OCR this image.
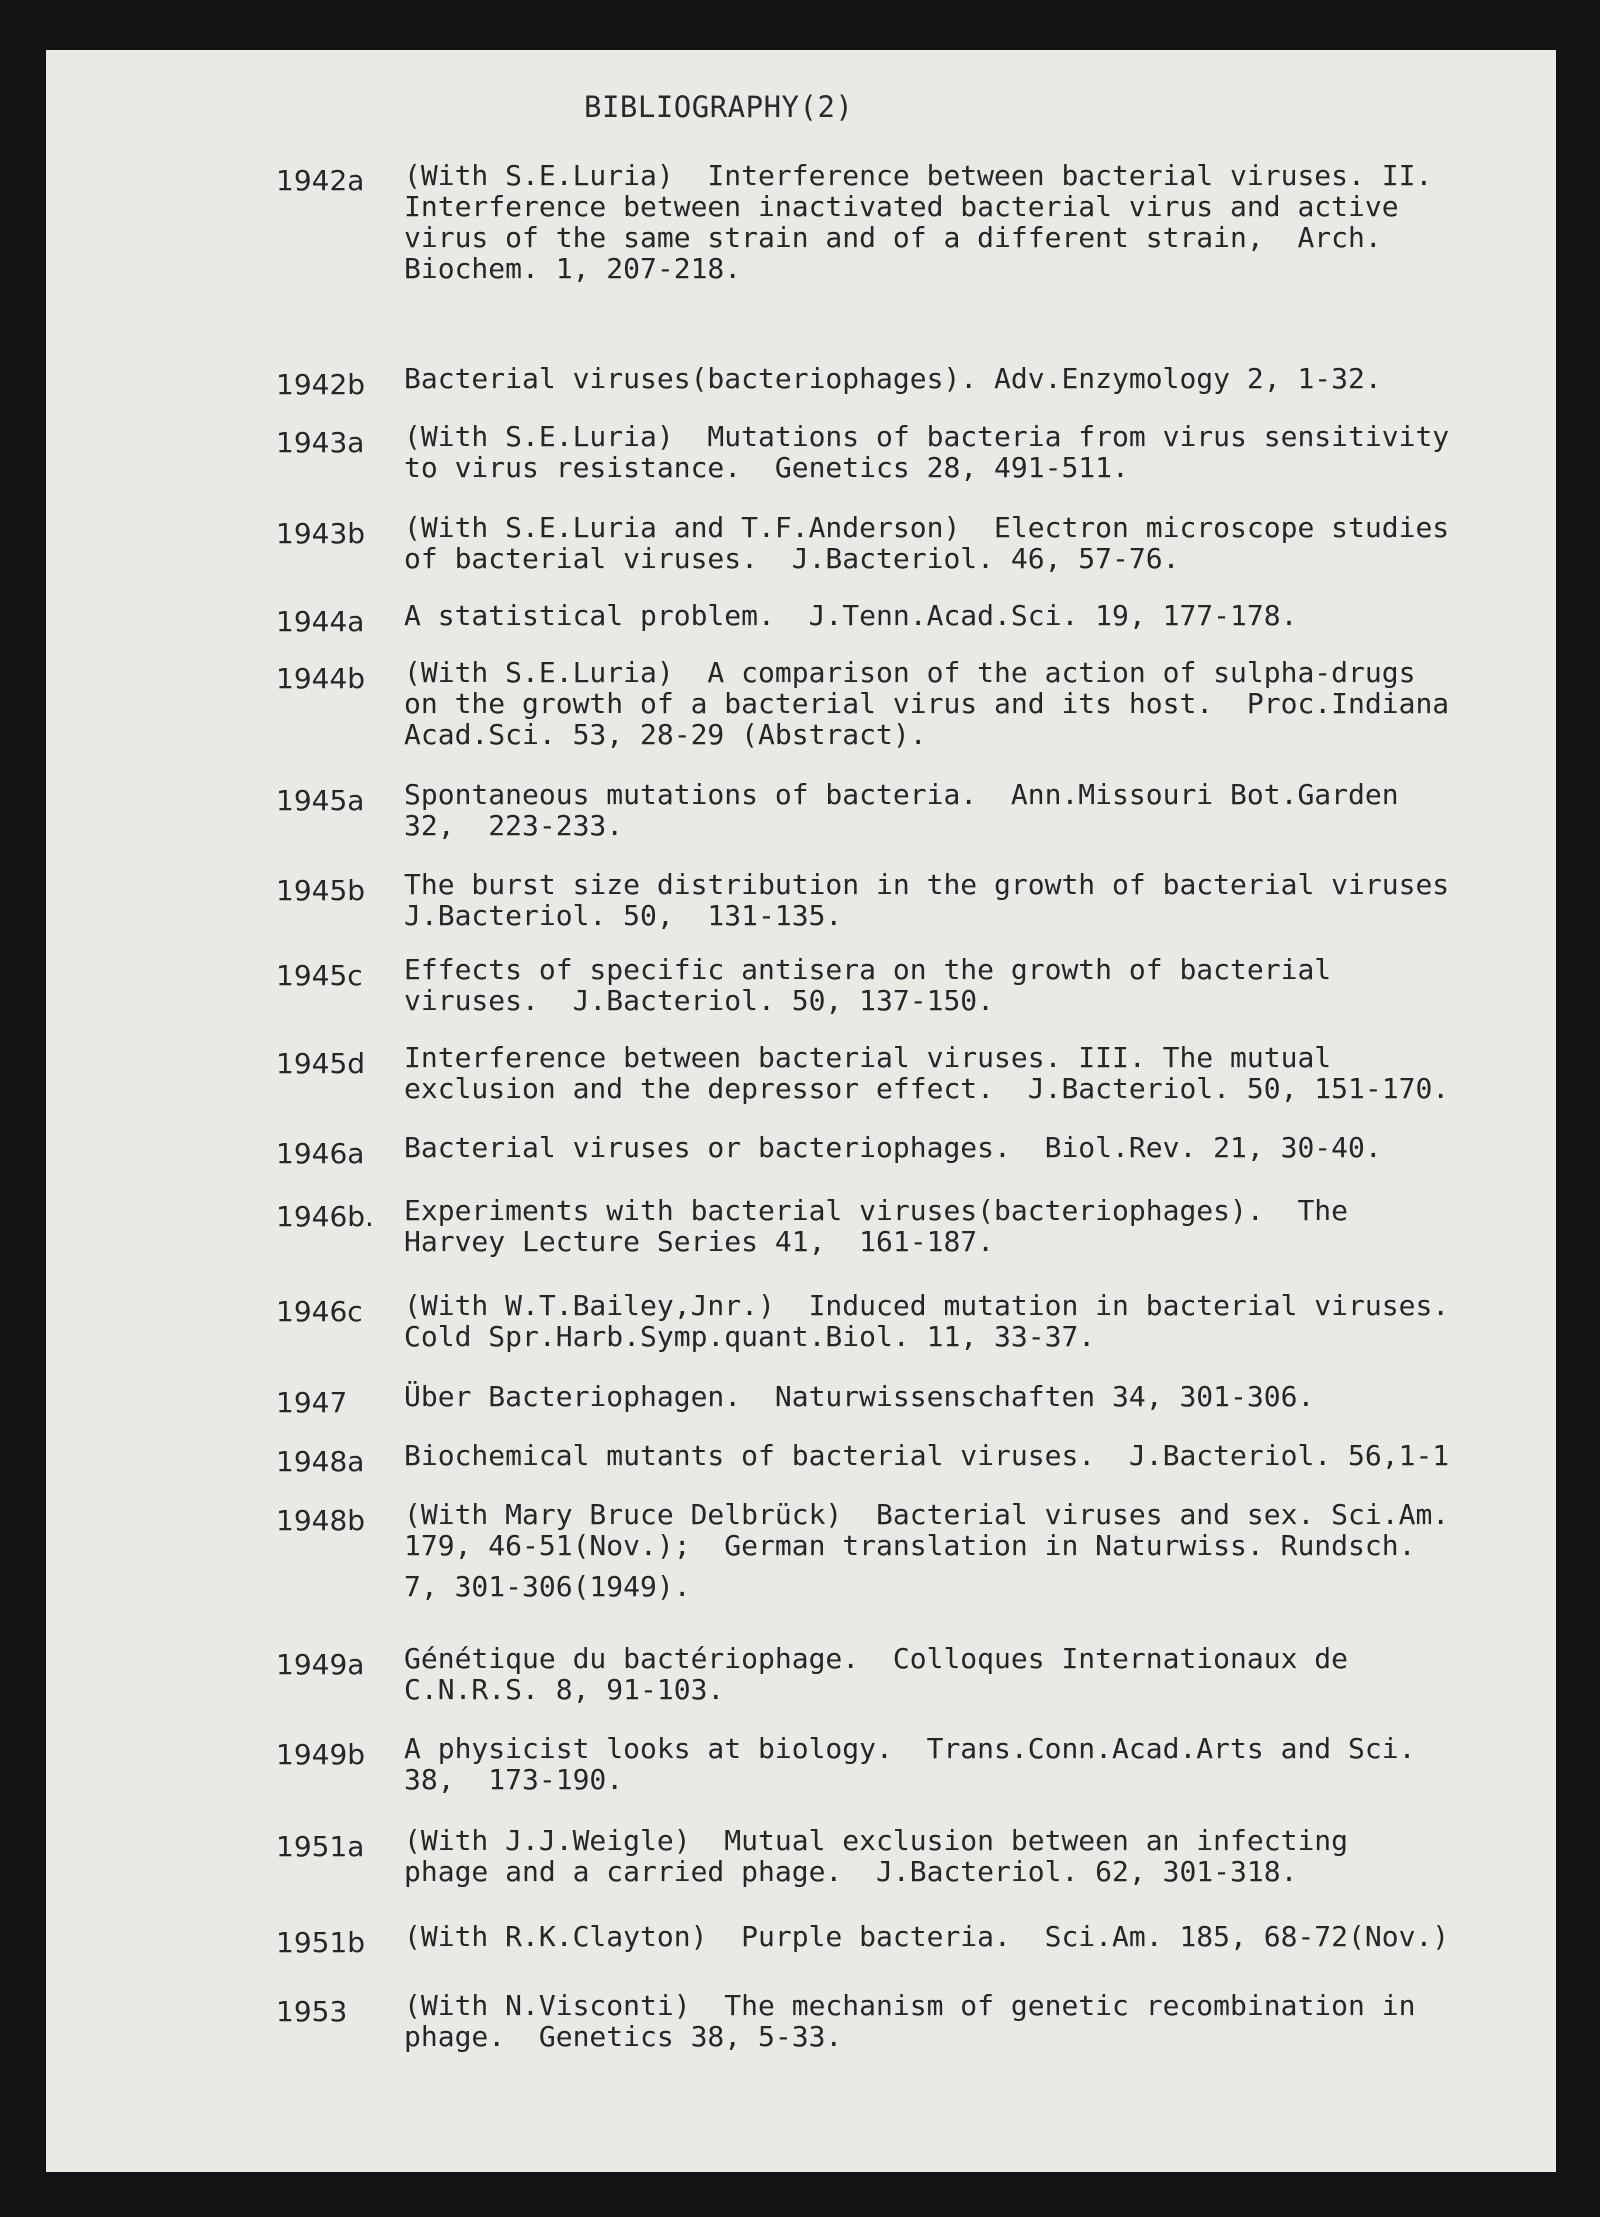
BIBLIOGRAPHY(2)
1942a (With S.E.Luria)  Interference between bacterial viruses. II.
Interference between inactivated bacterial virus and active
virus of the same strain and of a different strain,  Arch.
Biochem. 1, 207-218.
1942b Bacterial viruses(bacteriophages). Adv.Enzymology 2, 1-32.
1943a (With S.E.Luria)  Mutations of bacteria from virus sensitivity
to virus resistance.  Genetics 28, 491-511.
1943b (With S.E.Luria and T.F.Anderson)  Electron microscope studies
of bacterial viruses.  J.Bacteriol. 46, 57-76.
1944a A statistical problem.  J.Tenn.Acad.Sci. 19, 177-178.
1944b (With S.E.Luria)  A comparison of the action of sulpha-drugs
on the growth of a bacterial virus and its host.  Proc.Indiana
Acad.Sci. 53, 28-29 (Abstract).
1945a Spontaneous mutations of bacteria.  Ann.Missouri Bot.Garden
32,  223-233.
1945b The burst size distribution in the growth of bacterial viruses
J.Bacteriol. 50,  131-135.
1945c Effects of specific antisera on the growth of bacterial
viruses.  J.Bacteriol. 50, 137-150.
1945d Interference between bacterial viruses. III. The mutual
exclusion and the depressor effect.  J.Bacteriol. 50, 151-170.
1946a Bacterial viruses or bacteriophages.  Biol.Rev. 21, 30-40.
1946b. Experiments with bacterial viruses(bacteriophages).  The
Harvey Lecture Series 41,  161-187.
1946c (With W.T.Bailey,Jnr.)  Induced mutation in bacterial viruses.
Cold Spr.Harb.Symp.quant.Biol. 11, 33-37.
1947 Über Bacteriophagen.  Naturwissenschaften 34, 301-306.
1948a Biochemical mutants of bacterial viruses.  J.Bacteriol. 56,1-1
1948b (With Mary Bruce Delbrück)  Bacterial viruses and sex. Sci.Am.
179, 46-51(Nov.);  German translation in Naturwiss. Rundsch.
7, 301-306(1949).
1949a Génétique du bactériophage.  Colloques Internationaux de
C.N.R.S. 8, 91-103.
1949b A physicist looks at biology.  Trans.Conn.Acad.Arts and Sci.
38,  173-190.
1951a (With J.J.Weigle)  Mutual exclusion between an infecting
phage and a carried phage.  J.Bacteriol. 62, 301-318.
1951b (With R.K.Clayton)  Purple bacteria.  Sci.Am. 185, 68-72(Nov.)
1953 (With N.Visconti)  The mechanism of genetic recombination in
phage.  Genetics 38, 5-33.
